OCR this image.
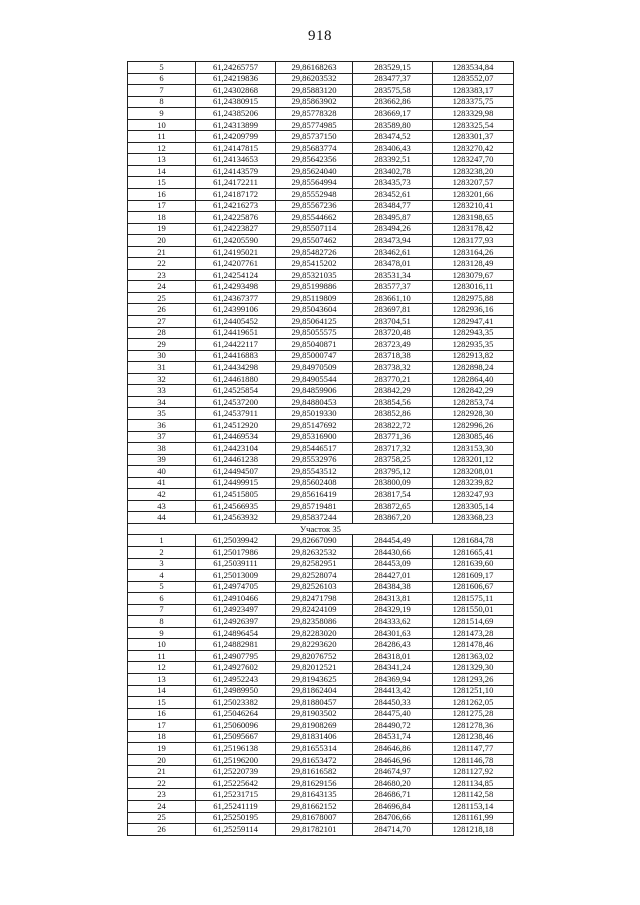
918
5	61,24265757	29,86168263	283529,15	1283534,84
6	61,24219836	29,86203532	283477,37	1283552,07
7	61,24302868	29,85883120	283575,58	1283383,17
8	61,24380915	29,85863902	283662,86	1283375,75
9	61,24385206	29,85778328	283669,17	1283329,98
10	61,24313899	29,85774985	283589,80	1283325,54
11	61,24209799	29,85737150	283474,52	1283301,37
12	61,24147815	29,85683774	283406,43	1283270,42
13	61,24134653	29,85642356	283392,51	1283247,70
14	61,24143579	29,85624040	283402,78	1283238,20
15	61,24172211	29,85564994	283435,73	1283207,57
16	61,24187172	29,85552948	283452,61	1283201,66
17	61,24216273	29,85567236	283484,77	1283210,41
18	61,24225876	29,85544662	283495,87	1283198,65
19	61,24223827	29,85507114	283494,26	1283178,42
20	61,24205590	29,85507462	283473,94	1283177,93
21	61,24195021	29,85482726	283462,61	1283164,26
22	61,24207761	29,85415202	283478,01	1283128,49
23	61,24254124	29,85321035	283531,34	1283079,67
24	61,24293498	29,85199886	283577,37	1283016,11
25	61,24367377	29,85119809	283661,10	1282975,88
26	61,24399106	29,85043604	283697,81	1282936,16
27	61,24405452	29,85064125	283704,51	1282947,41
28	61,24419651	29,85055575	283720,48	1282943,35
29	61,24422117	29,85040871	283723,49	1282935,35
30	61,24416883	29,85000747	283718,38	1282913,82
31	61,24434298	29,84970509	283738,32	1282898,24
32	61,24461880	29,84905544	283770,21	1282864,40
33	61,24525854	29,84859906	283842,29	1282842,29
34	61,24537200	29,84880453	283854,56	1282853,74
35	61,24537911	29,85019330	283852,86	1282928,30
36	61,24512920	29,85147692	283822,72	1282996,26
37	61,24469534	29,85316900	283771,36	1283085,46
38	61,24423104	29,85446517	283717,32	1283153,30
39	61,24461238	29,85532976	283758,25	1283201,12
40	61,24494507	29,85543512	283795,12	1283208,01
41	61,24499915	29,85602408	283800,09	1283239,82
42	61,24515805	29,85616419	283817,54	1283247,93
43	61,24566935	29,85719481	283872,65	1283305,14
44	61,24563932	29,85837244	283867,20	1283368,23
Участок 35				
1	61,25039942	29,82667090	284454,49	1281684,78
2	61,25017986	29,82632532	284430,66	1281665,41
3	61,25039111	29,82582951	284453,09	1281639,60
4	61,25013009	29,82528074	284427,01	1281609,17
5	61,24974705	29,82526103	284384,38	1281606,67
6	61,24910466	29,82471798	284313,81	1281575,11
7	61,24923497	29,82424109	284329,19	1281550,01
8	61,24926397	29,82358086	284333,62	1281514,69
9	61,24896454	29,82283020	284301,63	1281473,28
10	61,24882981	29,82293620	284286,43	1281478,46
11	61,24907795	29,82076752	284318,01	1281363,02
12	61,24927602	29,82012521	284341,24	1281329,30
13	61,24952243	29,81943625	284369,94	1281293,26
14	61,24989950	29,81862404	284413,42	1281251,10
15	61,25023382	29,81880457	284450,33	1281262,05
16	61,25046264	29,81903502	284475,40	1281275,28
17	61,25060096	29,81908269	284490,72	1281278,36
18	61,25095667	29,81831406	284531,74	1281238,46
19	61,25196138	29,81655314	284646,86	1281147,77
20	61,25196200	29,81653472	284646,96	1281146,78
21	61,25220739	29,81616582	284674,97	1281127,92
22	61,25225642	29,81629156	284680,20	1281134,85
23	61,25231715	29,81643135	284686,71	1281142,58
24	61,25241119	29,81662152	284696,84	1281153,14
25	61,25250195	29,81678007	284706,66	1281161,99
26	61,25259114	29,81782101	284714,70	1281218,18
